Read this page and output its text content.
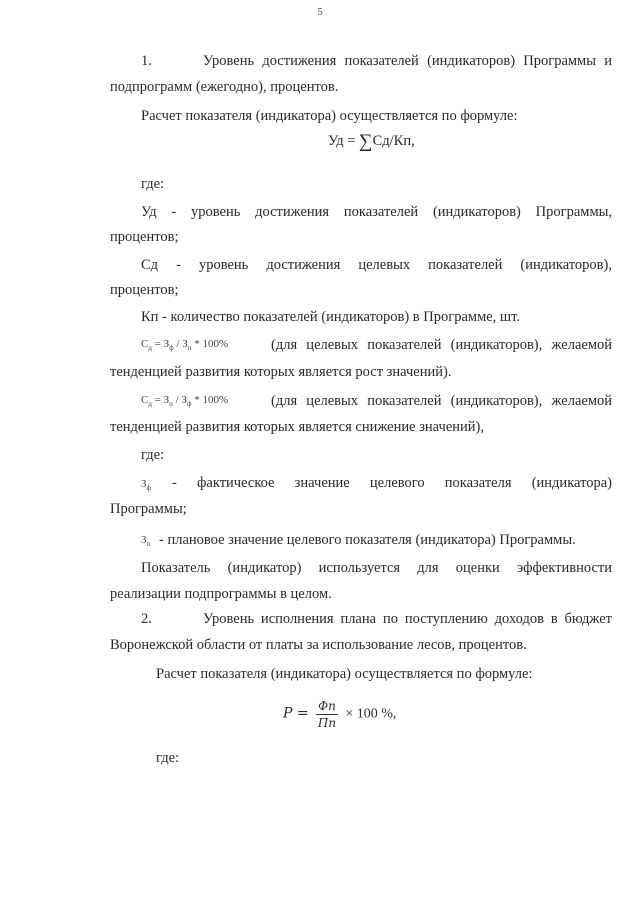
5
1.	Уровень достижения показателей (индикаторов) Программы и
подпрограмм (ежегодно), процентов.
Расчет показателя (индикатора) осуществляется по формуле:
Уд = ∑Сд/Кп,
где:
Уд - уровень достижения показателей (индикаторов) Программы,
процентов;
Сд - уровень достижения целевых показателей (индикаторов),
процентов;
Кп - количество показателей (индикаторов) в Программе, шт.
$С_д = З_ф / З_п * 100\%$	(для целевых показателей (индикаторов), желаемой
тенденцией развития которых является рост значений).
$С_д = З_п / З_ф * 100\%$	(для целевых показателей (индикаторов), желаемой
тенденцией развития которых является снижение значений),
где:
$З_ф$ - фактическое значение целевого показателя (индикатора)
Программы;
$З_п$ - плановое значение целевого показателя (индикатора) Программы.
Показатель (индикатор) используется для оценки эффективности
реализации подпрограммы в целом.
2.	Уровень исполнения плана по поступлению доходов в бюджет
Воронежской области от платы за использование лесов, процентов.
Расчет показателя (индикатора) осуществляется по формуле:
$P = \frac{Фп}{Пп} \times 100$ %,
где:
